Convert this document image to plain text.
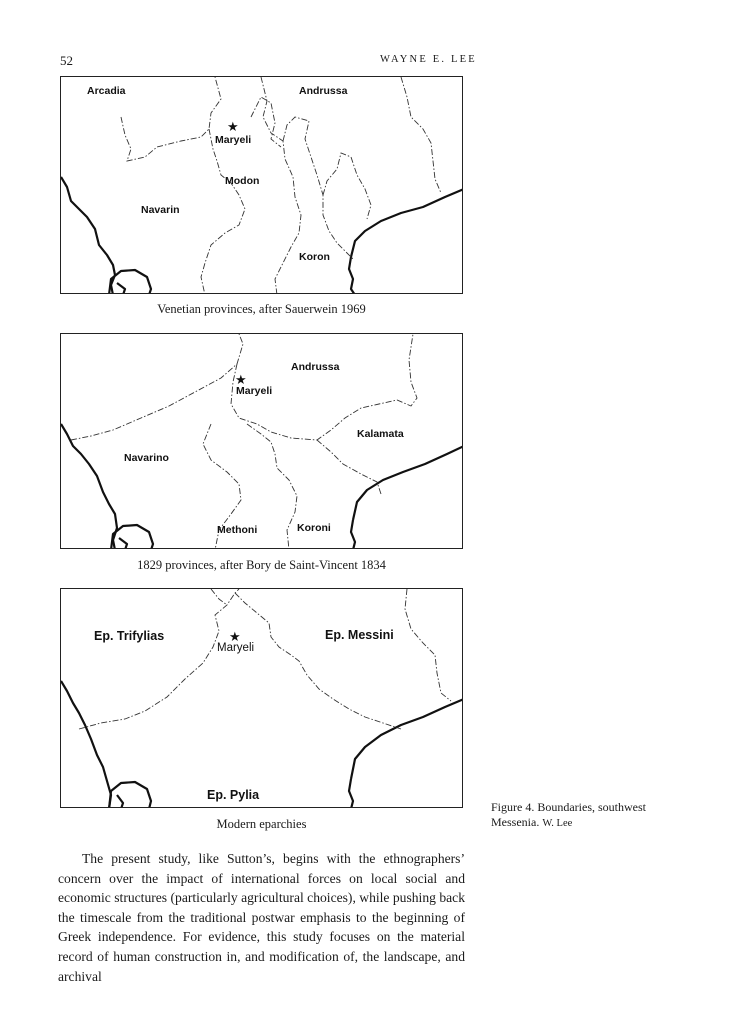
52	WAYNE E. LEE
Arcadia	Andrussa
★
Maryeli
Modon
Navarin
Koron
Venetian provinces, after Sauerwein 1969
Andrussa
★
Maryeli
Kalamata
Navarino
Methoni	Koroni
1829 provinces, after Bory de Saint-Vincent 1834
Ep. Trifylias	Ep. Messini
★
Maryeli
Ep. Pylia
Modern eparchies
Figure 4. Boundaries, southwest Messenia. W. Lee

The present study, like Sutton’s, begins with the ethnographers’ concern over the impact of international forces on local social and economic structures (particularly agricultural choices), while pushing back the timescale from the traditional postwar emphasis to the beginning of Greek independence. For evidence, this study focuses on the material record of human construction in, and modification of, the landscape, and archival
